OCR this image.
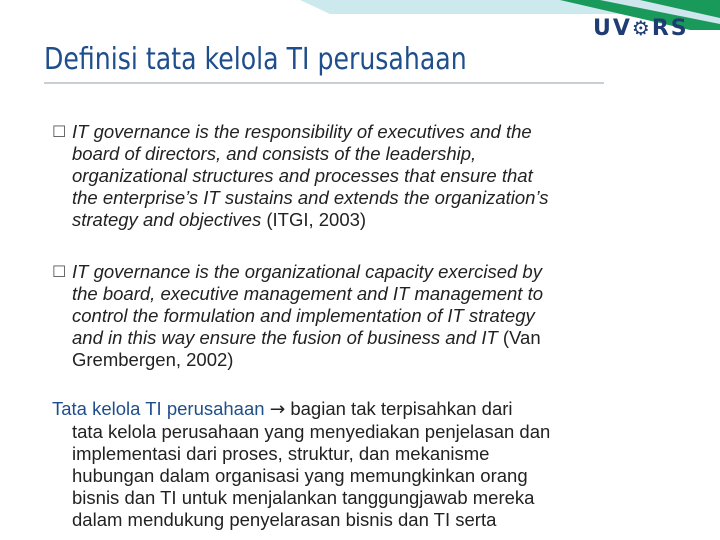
UV⚙RS
Definisi tata kelola TI perusahaan
☐ IT governance is the responsibility of executives and the
board of directors, and consists of the leadership,
organizational structures and processes that ensure that
the enterprise’s IT sustains and extends the organization’s
strategy and objectives (ITGI, 2003)
☐ IT governance is the organizational capacity exercised by
the board, executive management and IT management to
control the formulation and implementation of IT strategy
and in this way ensure the fusion of business and IT (Van
Grembergen, 2002)
Tata kelola TI perusahaan → bagian tak terpisahkan dari
tata kelola perusahaan yang menyediakan penjelasan dan
implementasi dari proses, struktur, dan mekanisme
hubungan dalam organisasi yang memungkinkan orang
bisnis dan TI untuk menjalankan tanggungjawab mereka
dalam mendukung penyelarasan bisnis dan TI serta
